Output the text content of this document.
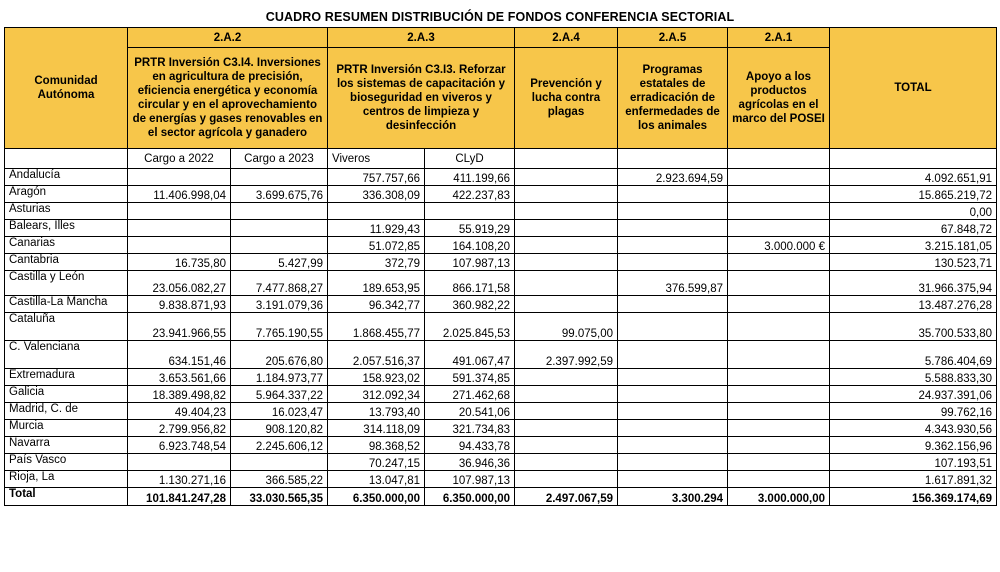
CUADRO RESUMEN DISTRIBUCIÓN DE FONDOS CONFERENCIA SECTORIAL
Comunidad Autónoma	2.A.2		2.A.3		2.A.4	2.A.5	2.A.1	TOTAL
	PRTR Inversión C3.I4. Inversiones en agricultura de precisión, eficiencia energética y economía circular y en el aprovechamiento de energías y gases renovables en el sector agrícola y ganadero		PRTR Inversión C3.I3. Reforzar los sistemas de capacitación y bioseguridad en viveros y centros de limpieza y desinfección		Prevención y lucha contra plagas	Programas estatales de erradicación de enfermedades de los animales	Apoyo a los productos agrícolas en el marco del POSEI	
	Cargo a 2022	Cargo a 2023	Viveros	CLyD				
Andalucía			757.757,66	411.199,66		2.923.694,59		4.092.651,91
Aragón	11.406.998,04	3.699.675,76	336.308,09	422.237,83				15.865.219,72
Asturias								0,00
Balears, Illes			11.929,43	55.919,29				67.848,72
Canarias			51.072,85	164.108,20			3.000.000 €	3.215.181,05
Cantabria	16.735,80	5.427,99	372,79	107.987,13				130.523,71
Castilla y León	23.056.082,27	7.477.868,27	189.653,95	866.171,58		376.599,87		31.966.375,94
Castilla-La Mancha	9.838.871,93	3.191.079,36	96.342,77	360.982,22				13.487.276,28
Cataluña	23.941.966,55	7.765.190,55	1.868.455,77	2.025.845,53	99.075,00			35.700.533,80
C. Valenciana	634.151,46	205.676,80	2.057.516,37	491.067,47	2.397.992,59			5.786.404,69
Extremadura	3.653.561,66	1.184.973,77	158.923,02	591.374,85				5.588.833,30
Galicia	18.389.498,82	5.964.337,22	312.092,34	271.462,68				24.937.391,06
Madrid, C. de	49.404,23	16.023,47	13.793,40	20.541,06				99.762,16
Murcia	2.799.956,82	908.120,82	314.118,09	321.734,83				4.343.930,56
Navarra	6.923.748,54	2.245.606,12	98.368,52	94.433,78				9.362.156,96
País Vasco			70.247,15	36.946,36				107.193,51
Rioja, La	1.130.271,16	366.585,22	13.047,81	107.987,13				1.617.891,32
Total	101.841.247,28	33.030.565,35	6.350.000,00	6.350.000,00	2.497.067,59	3.300.294	3.000.000,00	156.369.174,69
